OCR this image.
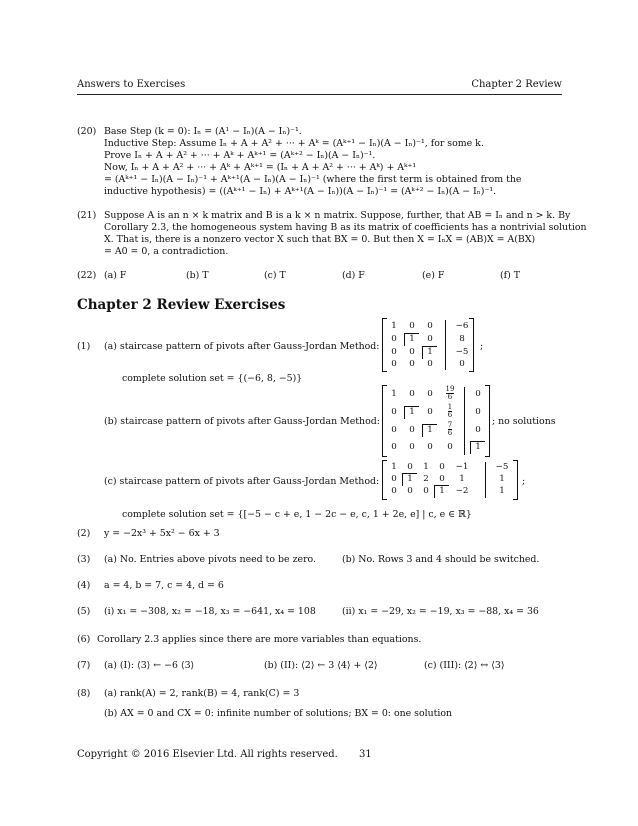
Answers to Exercises	Chapter 2 Review
(20) Base Step (k = 0): Iₙ = (A¹ − Iₙ)(A − Iₙ)⁻¹.
Inductive Step: Assume Iₙ + A + A² + ··· + Aᵏ = (Aᵏ⁺¹ − Iₙ)(A − Iₙ)⁻¹, for some k.
Prove Iₙ + A + A² + ··· + Aᵏ + Aᵏ⁺¹ = (Aᵏ⁺² − Iₙ)(A − Iₙ)⁻¹.
Now, Iₙ + A + A² + ··· + Aᵏ + Aᵏ⁺¹ = (Iₙ + A + A² + ··· + Aᵏ) + Aᵏ⁺¹
= (Aᵏ⁺¹ − Iₙ)(A − Iₙ)⁻¹ + Aᵏ⁺¹(A − Iₙ)(A − Iₙ)⁻¹ (where the first term is obtained from the
inductive hypothesis) = ((Aᵏ⁺¹ − Iₙ) + Aᵏ⁺¹(A − Iₙ))(A − Iₙ)⁻¹ = (Aᵏ⁺² − Iₙ)(A − Iₙ)⁻¹.
(21) Suppose A is an n × k matrix and B is a k × n matrix. Suppose, further, that AB = Iₙ and n > k. By
Corollary 2.3, the homogeneous system having B as its matrix of coefficients has a nontrivial solution
X. That is, there is a nonzero vector X such that BX = 0. But then X = IₙX = (AB)X = A(BX)
= A0 = 0, a contradiction.
(22) (a) F	(b) T	(c) T	(d) F	(e) F	(f) T
Chapter 2 Review Exercises
(1) (a) staircase pattern of pivots after Gauss-Jordan Method:
1	0	0	−6
0	1	0	8
0	0	1	−5
0	0	0	0
;
complete solution set = {(−6, 8, −5)}
(b) staircase pattern of pivots after Gauss-Jordan Method:
1	0	0	$\frac{19}{6}$	0
0	1	0	$\frac{1}{6}$	0
0	0	1	$\frac{7}{6}$	0
0	0	0	0	1
; no solutions
(c) staircase pattern of pivots after Gauss-Jordan Method:
1	0	1	0	−1	−5
0	1	2	0	1	1
0	0	0	1	−2	1
;
complete solution set = {[−5 − c + e, 1 − 2c − e, c, 1 + 2e, e] | c, e ∈ ℝ}
(2) y = −2x³ + 5x² − 6x + 3
(3) (a) No. Entries above pivots need to be zero.	(b) No. Rows 3 and 4 should be switched.
(4) a = 4, b = 7, c = 4, d = 6
(5) (i) x₁ = −308, x₂ = −18, x₃ = −641, x₄ = 108	(ii) x₁ = −29, x₂ = −19, x₃ = −88, x₄ = 36
(6) Corollary 2.3 applies since there are more variables than equations.
(7) (a) (I): ⟨3⟩ ← −6 ⟨3⟩	(b) (II): ⟨2⟩ ← 3 ⟨4⟩ + ⟨2⟩	(c) (III): ⟨2⟩ ↔ ⟨3⟩
(8) (a) rank(A) = 2, rank(B) = 4, rank(C) = 3
(b) AX = 0 and CX = 0: infinite number of solutions; BX = 0: one solution
Copyright © 2016 Elsevier Ltd. All rights reserved. 31
